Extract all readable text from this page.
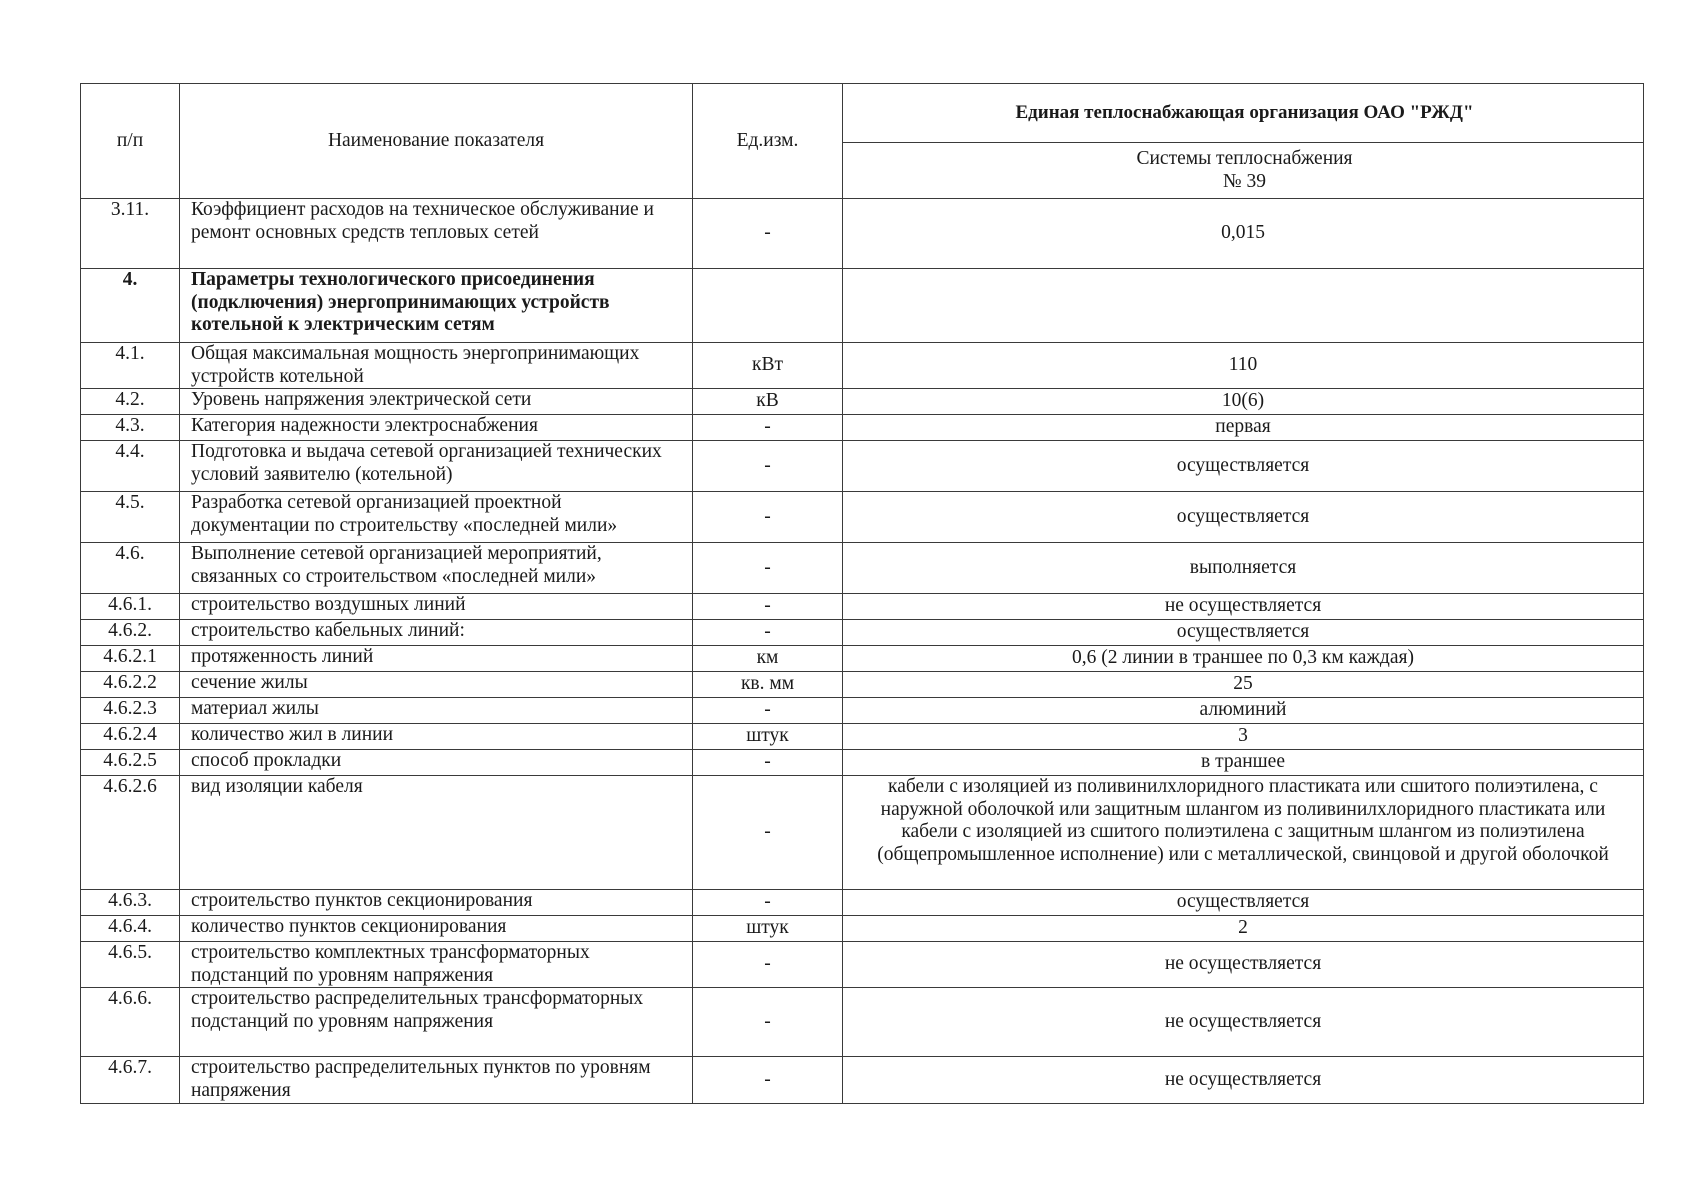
п/п	Наименование показателя	Ед.изм.	Единая теплоснабжающая организация ОАО "РЖД"
			Системы теплоснабжения
№ 39
3.11.	Коэффициент расходов на техническое обслуживание и ремонт основных средств тепловых сетей	-	0,015
4.	Параметры технологического присоединения (подключения) энергопринимающих устройств котельной к электрическим сетям		
4.1.	Общая максимальная мощность энергопринимающих устройств котельной	кВт	110
4.2.	Уровень напряжения электрической сети	кВ	10(6)
4.3.	Категория надежности электроснабжения	-	первая
4.4.	Подготовка и выдача сетевой организацией технических условий заявителю (котельной)	-	осуществляется
4.5.	Разработка сетевой организацией проектной документации по строительству «последней мили»	-	осуществляется
4.6.	Выполнение сетевой организацией мероприятий, связанных со строительством «последней мили»	-	выполняется
4.6.1.	строительство воздушных линий	-	не осуществляется
4.6.2.	строительство кабельных линий:	-	осуществляется
4.6.2.1	протяженность линий	км	0,6 (2 линии в траншее по 0,3 км каждая)
4.6.2.2	сечение жилы	кв. мм	25
4.6.2.3	материал жилы	-	алюминий
4.6.2.4	количество жил в линии	штук	3
4.6.2.5	способ прокладки	-	в траншее
4.6.2.6	вид изоляции кабеля	-	кабели с изоляцией из поливинилхлоридного пластиката или сшитого полиэтилена, с наружной оболочкой или защитным шлангом из поливинилхлоридного пластиката или кабели с изоляцией из сшитого полиэтилена с защитным шлангом из полиэтилена (общепромышленное исполнение) или с металлической, свинцовой и другой оболочкой
4.6.3.	строительство пунктов секционирования	-	осуществляется
4.6.4.	количество пунктов секционирования	штук	2
4.6.5.	строительство комплектных трансформаторных подстанций по уровням напряжения	-	не осуществляется
4.6.6.	строительство распределительных трансформаторных подстанций по уровням напряжения	-	не осуществляется
4.6.7.	строительство распределительных пунктов по уровням напряжения	-	не осуществляется
